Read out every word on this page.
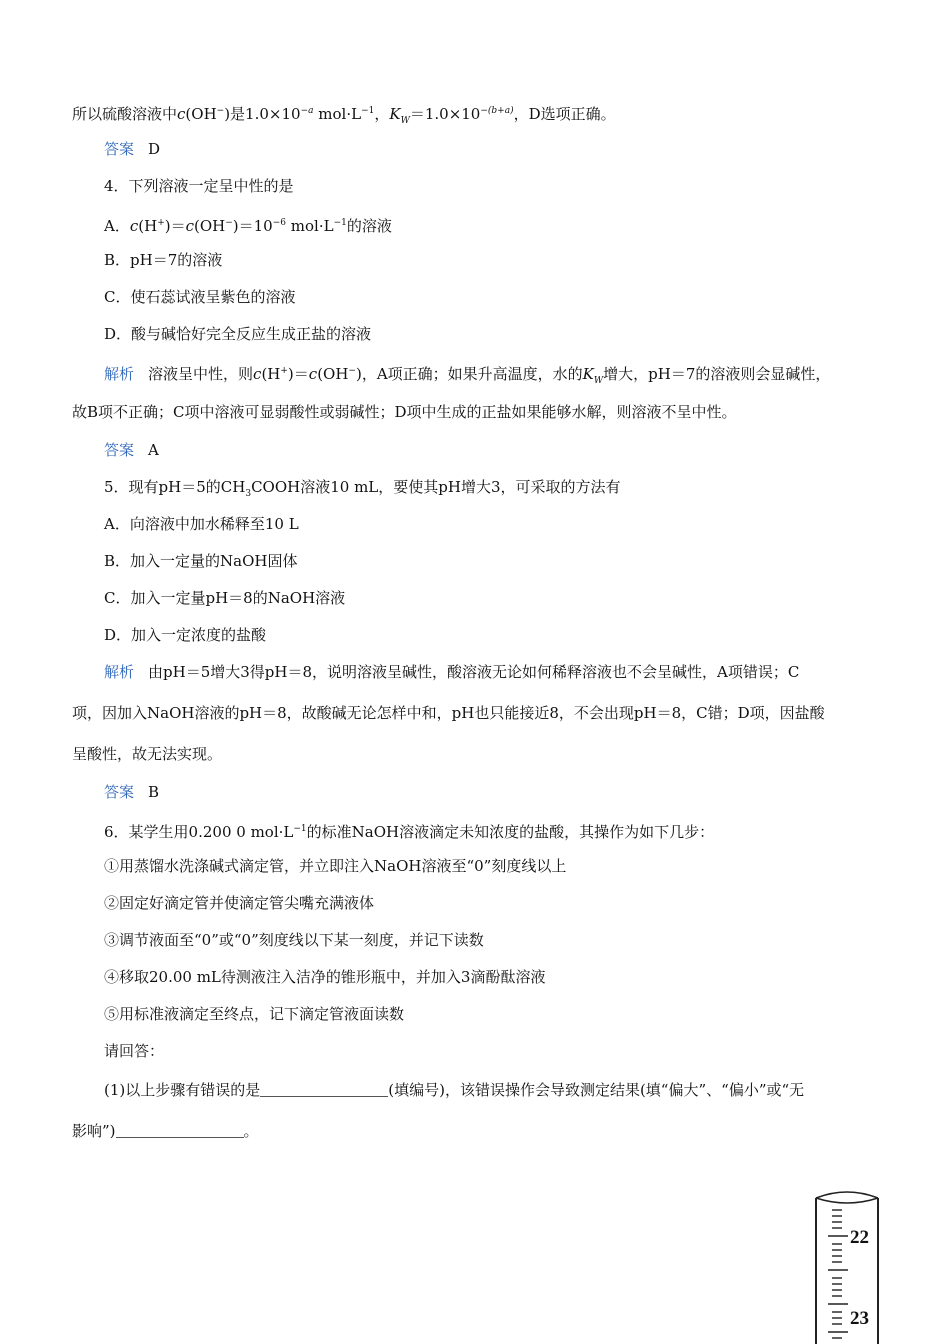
所以硫酸溶液中c(OH−)是$1.0\times 10^{-a}$ $mol\cdot L^{-1}$，$K_W=1.0\times 10^{-(b+a)}$，D选项正确。
答案 D
4．下列溶液一定呈中性的是
A．$c(H^+)=c(OH^-)=10^{-6}$ $mol\cdot L^{-1}$的溶液
B．pH＝7的溶液
C．使石蕊试液呈紫色的溶液
D．酸与碱恰好完全反应生成正盐的溶液
解析 溶液呈中性，则c(H+)＝c(OH−)，A项正确；如果升高温度，水的$K_W$增大，pH＝7的溶液则会显碱性，
故B项不正确；C项中溶液可显弱酸性或弱碱性；D项中生成的正盐如果能够水解，则溶液不呈中性。
答案 A
5．现有pH＝5的$CH_3COOH$溶液10 mL，要使其pH增大3，可采取的方法有
A．向溶液中加水稀释至10 L
B．加入一定量的NaOH固体
C．加入一定量pH＝8的NaOH溶液
D．加入一定浓度的盐酸
解析 由pH＝5增大3得pH＝8，说明溶液呈碱性，酸溶液无论如何稀释溶液也不会呈碱性，A项错误；C
项，因加入NaOH溶液的pH＝8，故酸碱无论怎样中和，pH也只能接近8，不会出现pH＝8，C错；D项，因盐酸
呈酸性，故无法实现。
答案 B
6．某学生用0.200 0 $mol\cdot L^{-1}$的标准NaOH溶液滴定未知浓度的盐酸，其操作为如下几步：
①用蒸馏水洗涤碱式滴定管，并立即注入NaOH溶液至“0”刻度线以上
②固定好滴定管并使滴定管尖嘴充满液体
③调节液面至“0”或“0”刻度线以下某一刻度，并记下读数
④移取20.00 mL待测液注入洁净的锥形瓶中，并加入3滴酚酞溶液
⑤用标准液滴定至终点，记下滴定管液面读数
请回答：
(1)以上步骤有错误的是	(填编号)，该错误操作会导致测定结果(填“偏大”、“偏小”或“无
影响”)	。
22
23
